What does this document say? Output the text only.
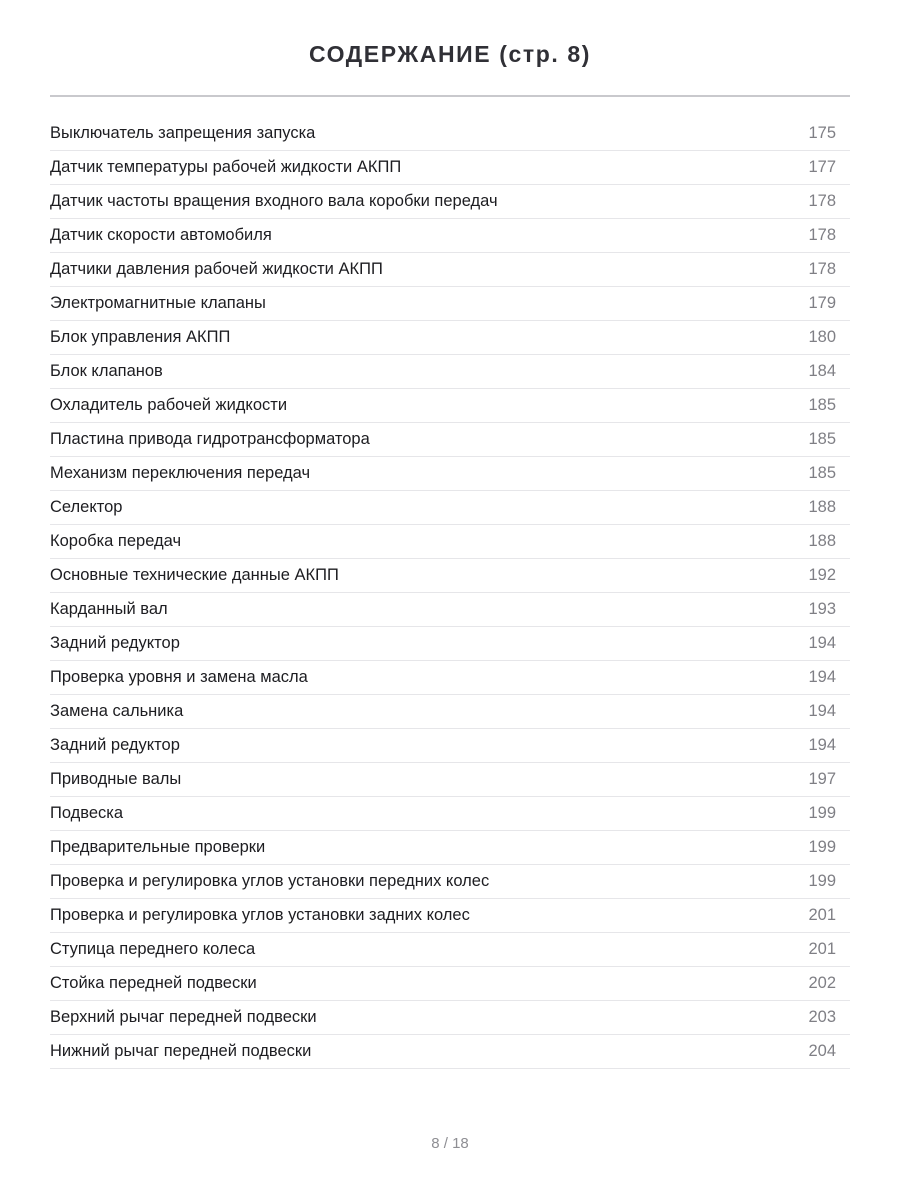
СОДЕРЖАНИЕ (стр. 8)
Выключатель запрещения запуска	175
Датчик температуры рабочей жидкости АКПП	177
Датчик частоты вращения входного вала коробки передач	178
Датчик скорости автомобиля	178
Датчики давления рабочей жидкости АКПП	178
Электромагнитные клапаны	179
Блок управления АКПП	180
Блок клапанов	184
Охладитель рабочей жидкости	185
Пластина привода гидротрансформатора	185
Механизм переключения передач	185
Селектор	188
Коробка передач	188
Основные технические данные АКПП	192
Карданный вал	193
Задний редуктор	194
Проверка уровня и замена масла	194
Замена сальника	194
Задний редуктор	194
Приводные валы	197
Подвеска	199
Предварительные проверки	199
Проверка и регулировка углов установки передних колес	199
Проверка и регулировка углов установки задних колес	201
Ступица переднего колеса	201
Стойка передней подвески	202
Верхний рычаг передней подвески	203
Нижний рычаг передней подвески	204
8 / 18
